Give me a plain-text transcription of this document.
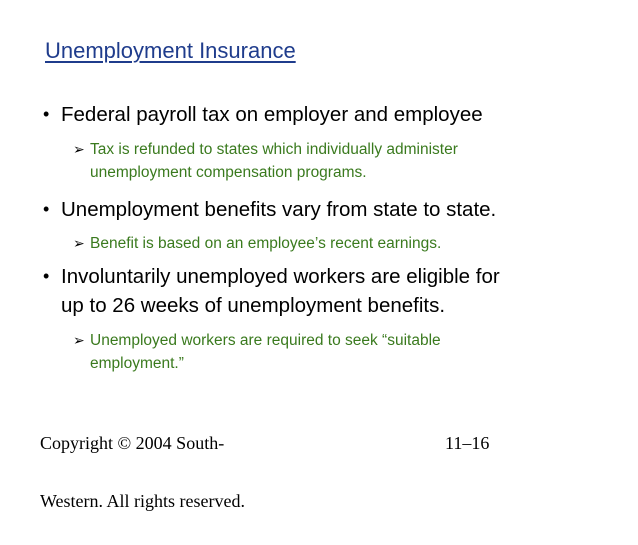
Unemployment Insurance
• Federal payroll tax on employer and employee
➢ Tax is refunded to states which individually administer
unemployment compensation programs.
• Unemployment benefits vary from state to state.
➢ Benefit is based on an employee’s recent earnings.
• Involuntarily unemployed workers are eligible for
up to 26 weeks of unemployment benefits.
➢ Unemployed workers are required to seek “suitable
employment.”

Copyright © 2004 South-

Western. All rights reserved.

11–16
